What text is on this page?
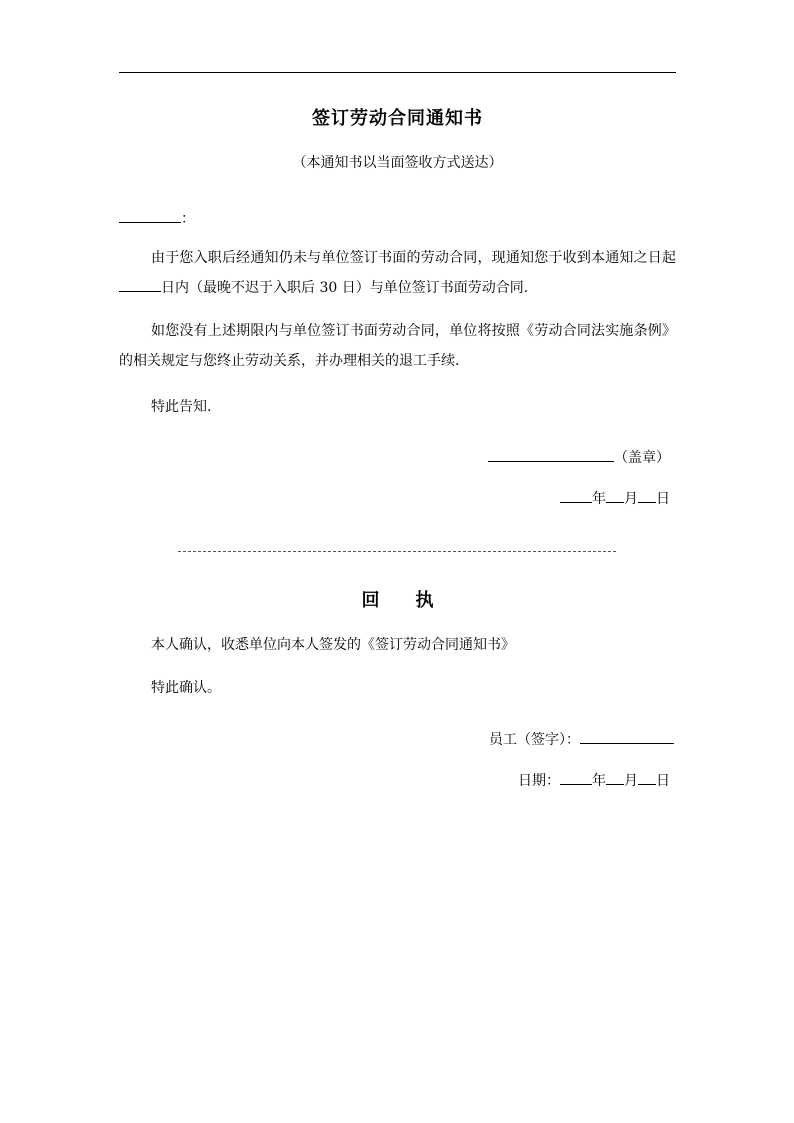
签订劳动合同通知书
（本通知书以当面签收方式送达）
：
由于您入职后经通知仍未与单位签订书面的劳动合同，现通知您于收到本通知之日起日内（最晚不迟于入职后 30 日）与单位签订书面劳动合同.
如您没有上述期限内与单位签订书面劳动合同，单位将按照《劳动合同法实施条例》的相关规定与您终止劳动关系，并办理相关的退工手续.
特此告知.
（盖章）
年 月 日
回 执
本人确认，收悉单位向本人签发的《签订劳动合同通知书》
特此确认。
员工（签字）：
日期： 年 月 日
